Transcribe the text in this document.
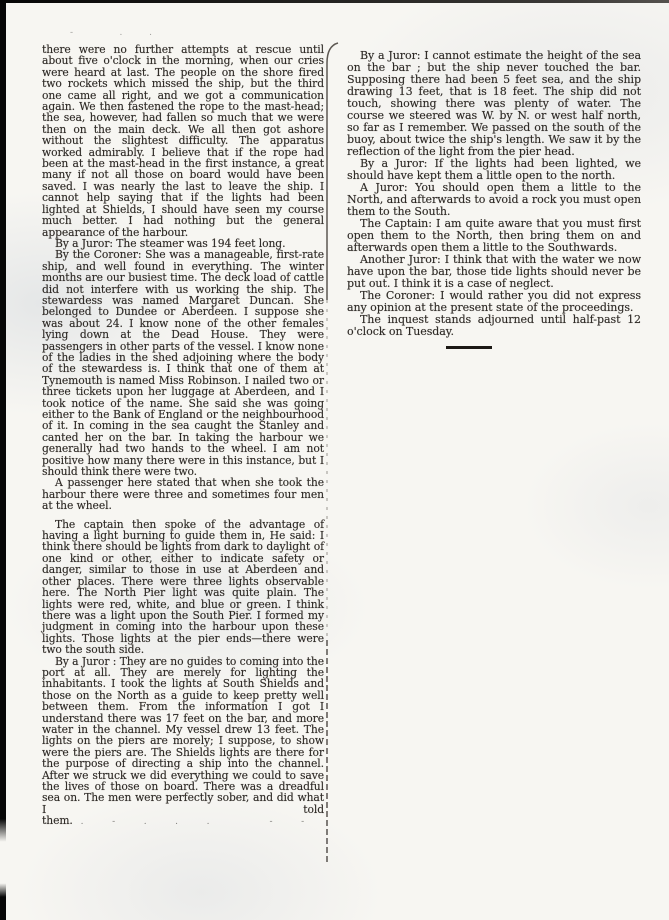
-    .  .

there were no further attempts at rescue until about five o'clock in the morning, when our cries were heard at last. The people on the shore fired two rockets which missed the ship, but the third one came all right, and we got a communication again. We then fastened the rope to the mast-head; the sea, however, had fallen so much that we were then on the main deck. We all then got ashore without the slightest difficulty. The apparatus worked admirably. I believe that if the rope had been at the mast-head in the first instance, a great many if not all those on board would have been saved. I was nearly the last to leave the ship. I cannot help saying that if the lights had been lighted at Shields, I should have seen my course much better. I had nothing but the general appearance of the harbour.

By a Juror: The steamer was 194 feet long.

By the Coroner: She was a manageable, first-rate ship, and well found in everything. The winter months are our busiest time. The deck load of cattle did not interfere with us working the ship. The stewardess was named Margaret Duncan. She belonged to Dundee or Aberdeen. I suppose she was about 24. I know none of the other females lying down at the Dead House. They were passengers in other parts of the vessel. I know none of the ladies in the shed adjoining where the body of the stewardess is. I think that one of them at Tynemouth is named Miss Robinson. I nailed two or three tickets upon her luggage at Aberdeen, and I took notice of the name. She said she was going either to the Bank of England or the neighbourhood of it. In coming in the sea caught the Stanley and canted her on the bar. In taking the harbour we generally had two hands to the wheel. I am not positive how many there were in this instance, but I should think there were two.

A passenger here stated that when she took the harbour there were three and sometimes four men at the wheel.

The captain then spoke of the advantage of having a light burning to guide them in, He said: I think there should be lights from dark to daylight of one kind or other, either to indicate safety or danger, similar to those in use at Aberdeen and other places. There were three lights observable here. The North Pier light was quite plain. The lights were red, white, and blue or green. I think there was a light upon the South Pier. I formed my judgment in coming into the harbour upon these lights. Those lights at the pier ends—there were two the south side.

By a Juror : They are no guides to coming into the port at all. They are merely for lighting the inhabitants. I took the lights at South Shields and those on the North as a guide to keep pretty well between them. From the information I got I understand there was 17 feet on the bar, and more water in the channel. My vessel drew 13 feet. The lights on the piers are morely; I suppose, to show were the piers are. The Shields lights are there for the purpose of directing a ship into the channel. After we struck we did everything we could to save the lives of those on board. There was a dreadful sea on. The men were perfectly sober, and did what I told them. .   -   .   .   .       -   -

By a Juror: I cannot estimate the height of the sea on the bar ; but the ship never touched the bar. Supposing there had been 5 feet sea, and the ship drawing 13 feet, that is 18 feet. The ship did not touch, showing there was plenty of water. The course we steered was W. by N. or west half north, so far as I remember. We passed on the south of the buoy, about twice the ship's length. We saw it by the reflection of the light from the pier head.

By a Juror: If the lights had been lighted, we should have kept them a little open to the north.

A Juror: You should open them a little to the North, and afterwards to avoid a rock you must open them to the South.

The Captain: I am quite aware that you must first open them to the North, then bring them on and afterwards open them a little to the Southwards.

Another Juror: I think that with the water we now have upon the bar, those tide lights should never be put out. I think it is a case of neglect.

The Coroner: I would rather you did not express any opinion at the present state of the proceedings.

The inquest stands adjourned until half-past 12 o'clock on Tuesday.
